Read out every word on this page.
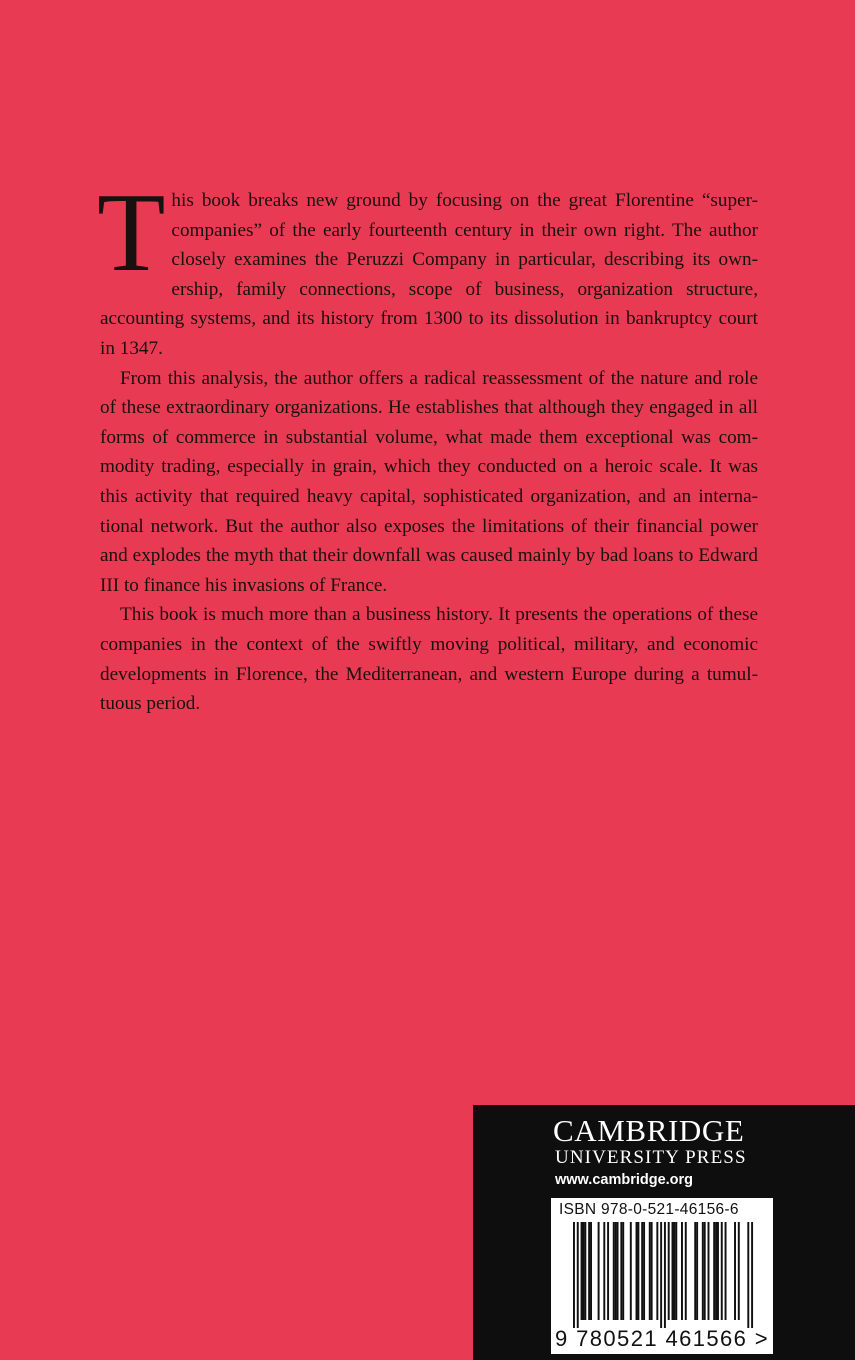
This book breaks new ground by focusing on the great Florentine “super-companies” of the early fourteenth century in their own right. The author closely examines the Peruzzi Company in particular, describing its ownership, family connections, scope of business, organization structure, accounting systems, and its history from 1300 to its dissolution in bankruptcy court in 1347.

From this analysis, the author offers a radical reassessment of the nature and role of these extraordinary organizations. He establishes that although they engaged in all forms of commerce in substantial volume, what made them exceptional was commodity trading, especially in grain, which they conducted on a heroic scale. It was this activity that required heavy capital, sophisticated organization, and an international network. But the author also exposes the limitations of their financial power and explodes the myth that their downfall was caused mainly by bad loans to Edward III to finance his invasions of France.

This book is much more than a business history. It presents the operations of these companies in the context of the swiftly moving political, military, and economic developments in Florence, the Mediterranean, and western Europe during a tumultuous period.

CAMBRIDGE
UNIVERSITY PRESS
www.cambridge.org
ISBN 978-0-521-46156-6
9 780521 461566 >
